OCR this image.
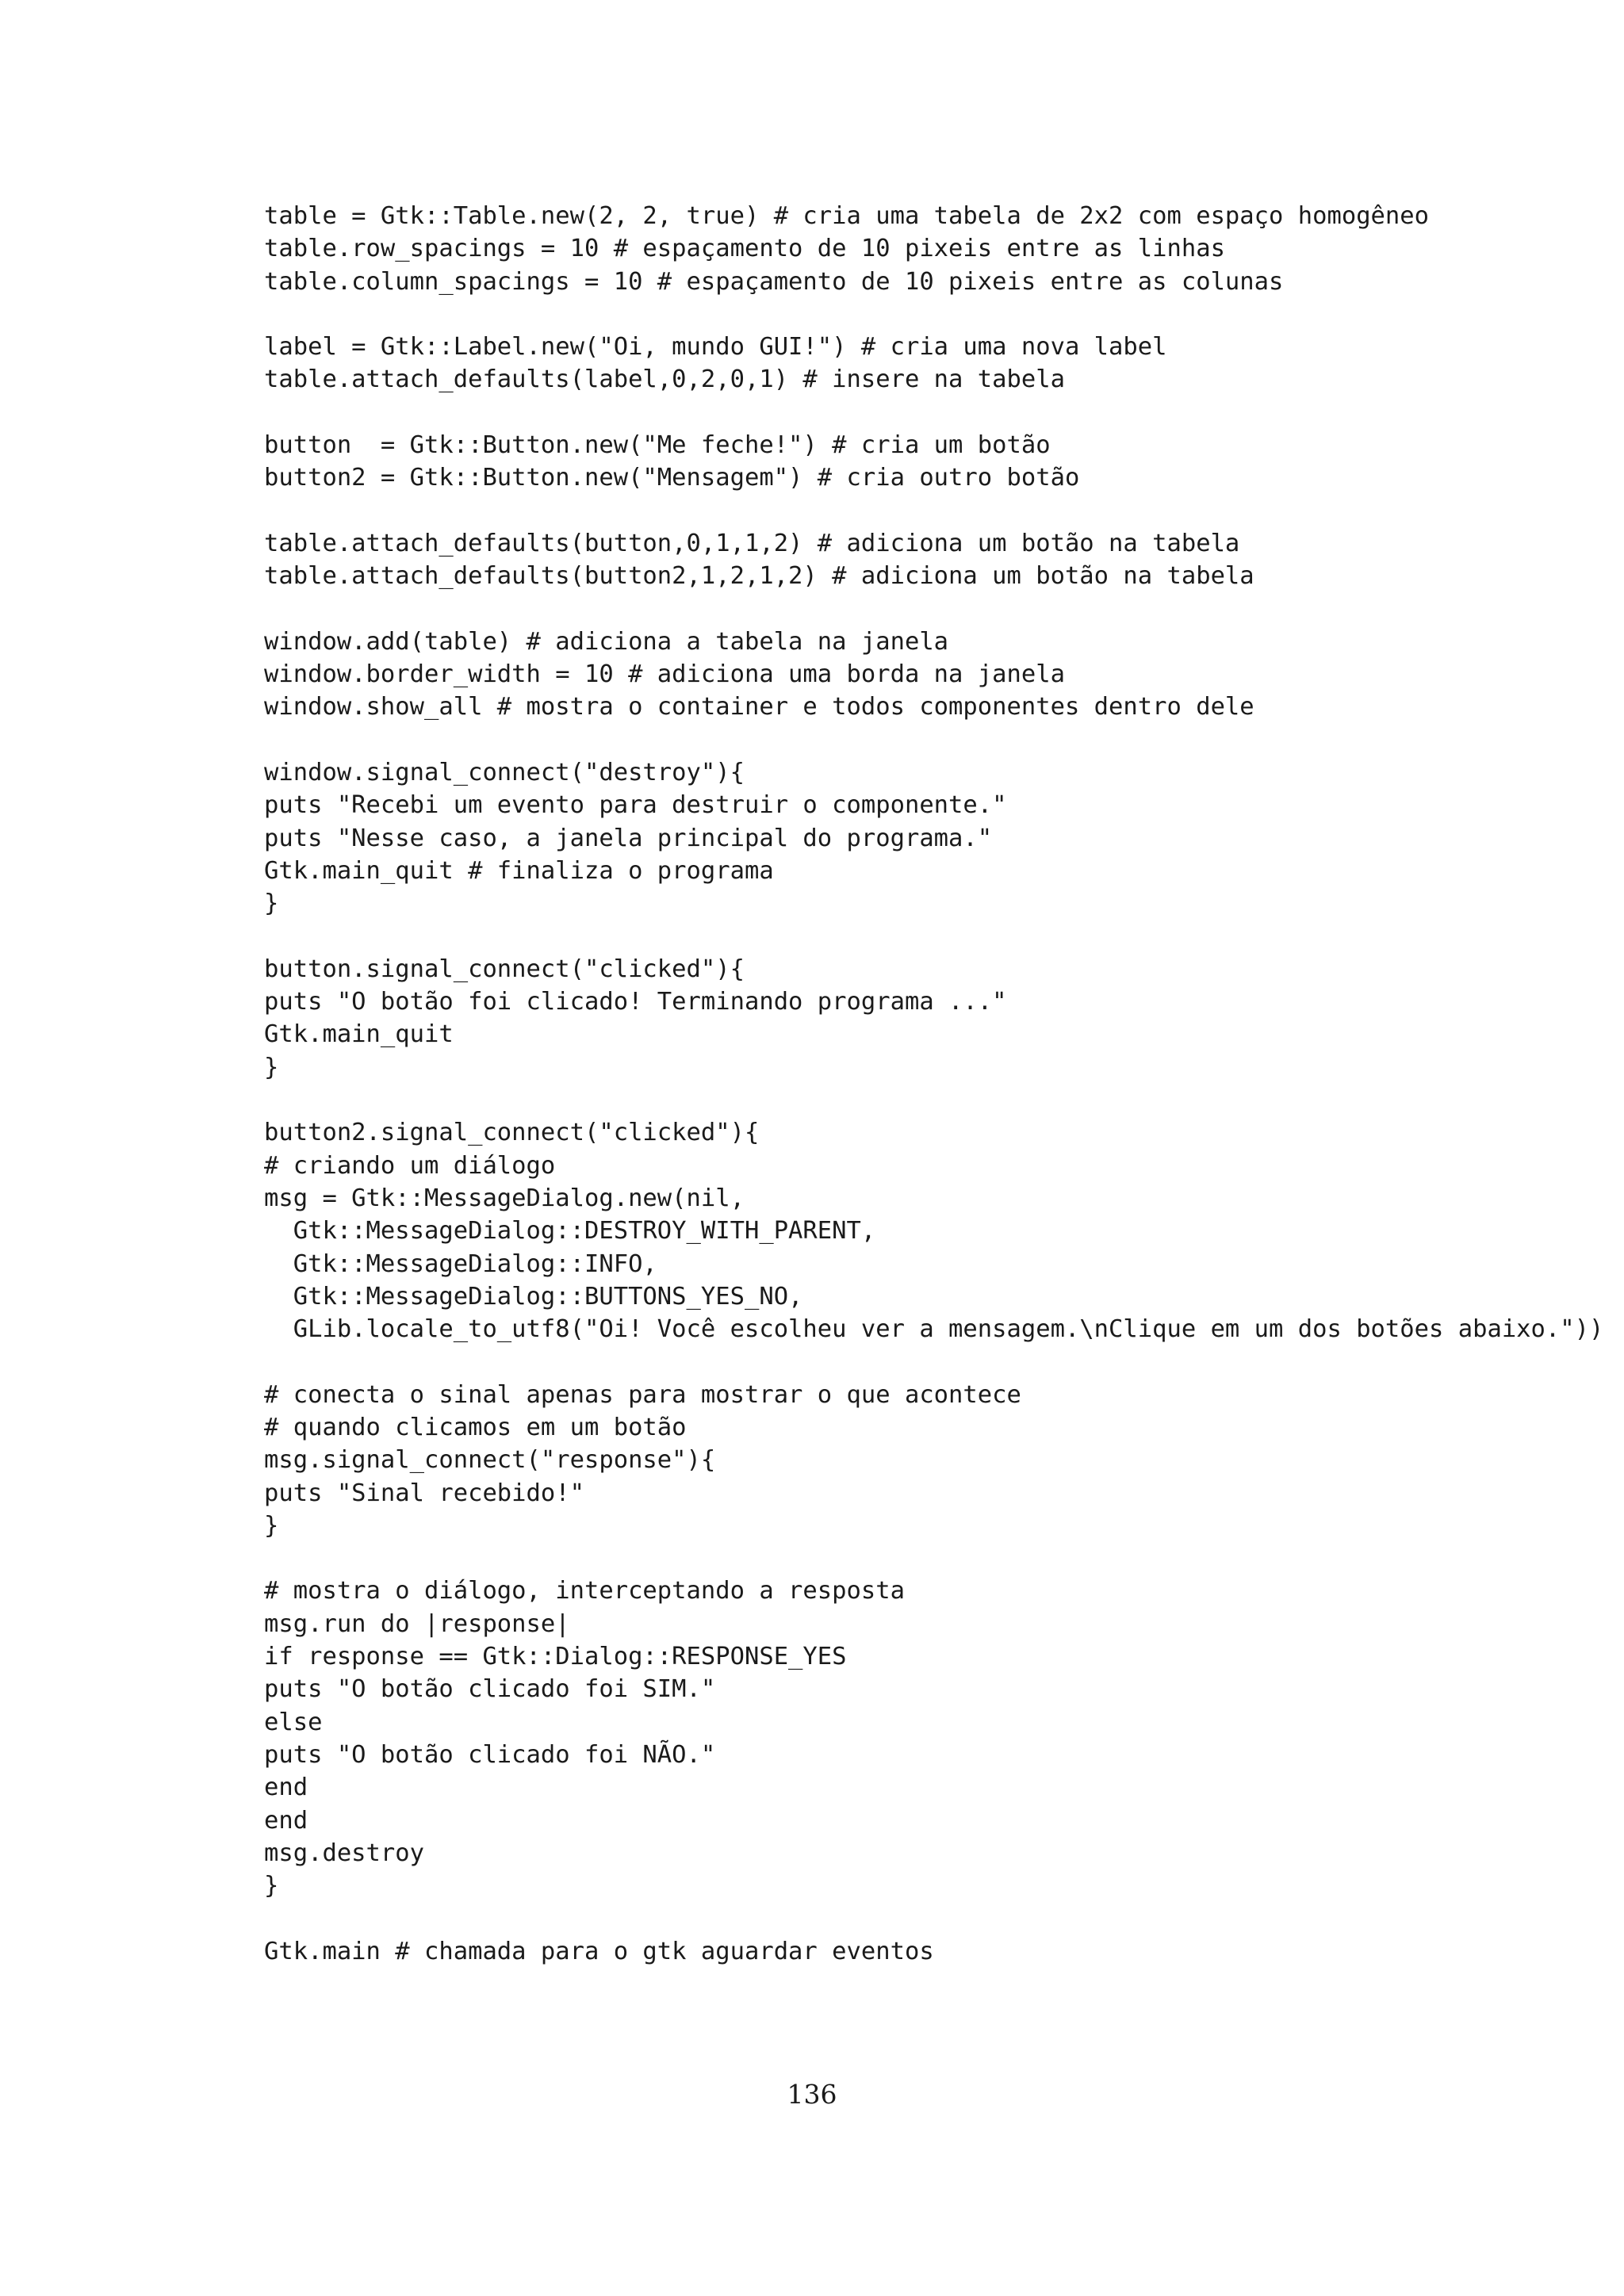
table = Gtk::Table.new(2, 2, true) # cria uma tabela de 2x2 com espaço homogêneo
table.row_spacings = 10 # espaçamento de 10 pixeis entre as linhas
table.column_spacings = 10 # espaçamento de 10 pixeis entre as colunas
label = Gtk::Label.new("Oi, mundo GUI!") # cria uma nova label
table.attach_defaults(label,0,2,0,1) # insere na tabela
button  = Gtk::Button.new("Me feche!") # cria um botão
button2 = Gtk::Button.new("Mensagem") # cria outro botão
table.attach_defaults(button,0,1,1,2) # adiciona um botão na tabela
table.attach_defaults(button2,1,2,1,2) # adiciona um botão na tabela
window.add(table) # adiciona a tabela na janela
window.border_width = 10 # adiciona uma borda na janela
window.show_all # mostra o container e todos componentes dentro dele
window.signal_connect("destroy"){
puts "Recebi um evento para destruir o componente."
puts "Nesse caso, a janela principal do programa."
Gtk.main_quit # finaliza o programa
}
button.signal_connect("clicked"){
puts "O botão foi clicado! Terminando programa ..."
Gtk.main_quit
}
button2.signal_connect("clicked"){
# criando um diálogo
msg = Gtk::MessageDialog.new(nil,
Gtk::MessageDialog::DESTROY_WITH_PARENT,
Gtk::MessageDialog::INFO,
Gtk::MessageDialog::BUTTONS_YES_NO,
GLib.locale_to_utf8("Oi! Você escolheu ver a mensagem.\nClique em um dos botões abaixo."))
# conecta o sinal apenas para mostrar o que acontece
# quando clicamos em um botão
msg.signal_connect("response"){
puts "Sinal recebido!"
}
# mostra o diálogo, interceptando a resposta
msg.run do |response|
if response == Gtk::Dialog::RESPONSE_YES
puts "O botão clicado foi SIM."
else
puts "O botão clicado foi NÃO."
end
end
msg.destroy
}
Gtk.main # chamada para o gtk aguardar eventos
136
